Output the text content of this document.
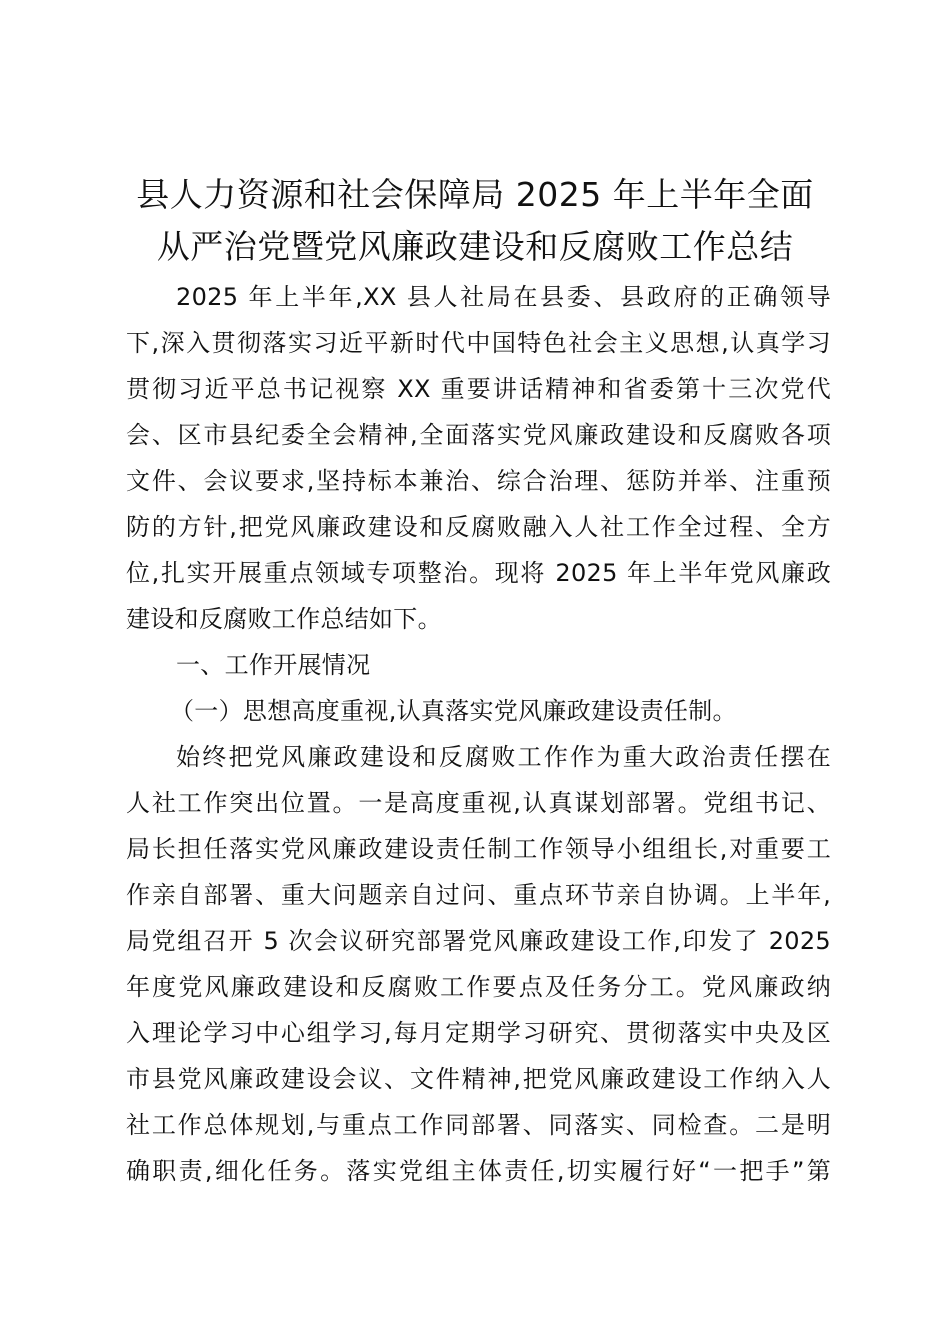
县人力资源和社会保障局 2025 年上半年全面
从严治党暨党风廉政建设和反腐败工作总结
2025 年上半年,XX 县人社局在县委、县政府的正确领导
下,深入贯彻落实习近平新时代中国特色社会主义思想,认真学习
贯彻习近平总书记视察 XX 重要讲话精神和省委第十三次党代
会、区市县纪委全会精神,全面落实党风廉政建设和反腐败各项
文件、会议要求,坚持标本兼治、综合治理、惩防并举、注重预
防的方针,把党风廉政建设和反腐败融入人社工作全过程、全方
位,扎实开展重点领域专项整治。现将 2025 年上半年党风廉政
建设和反腐败工作总结如下。
一、工作开展情况
（一）思想高度重视,认真落实党风廉政建设责任制。
始终把党风廉政建设和反腐败工作作为重大政治责任摆在
人社工作突出位置。一是高度重视,认真谋划部署。党组书记、
局长担任落实党风廉政建设责任制工作领导小组组长,对重要工
作亲自部署、重大问题亲自过问、重点环节亲自协调。上半年,
局党组召开 5 次会议研究部署党风廉政建设工作,印发了 2025
年度党风廉政建设和反腐败工作要点及任务分工。党风廉政纳
入理论学习中心组学习,每月定期学习研究、贯彻落实中央及区
市县党风廉政建设会议、文件精神,把党风廉政建设工作纳入人
社工作总体规划,与重点工作同部署、同落实、同检查。二是明
确职责,细化任务。落实党组主体责任,切实履行好“一把手”第
